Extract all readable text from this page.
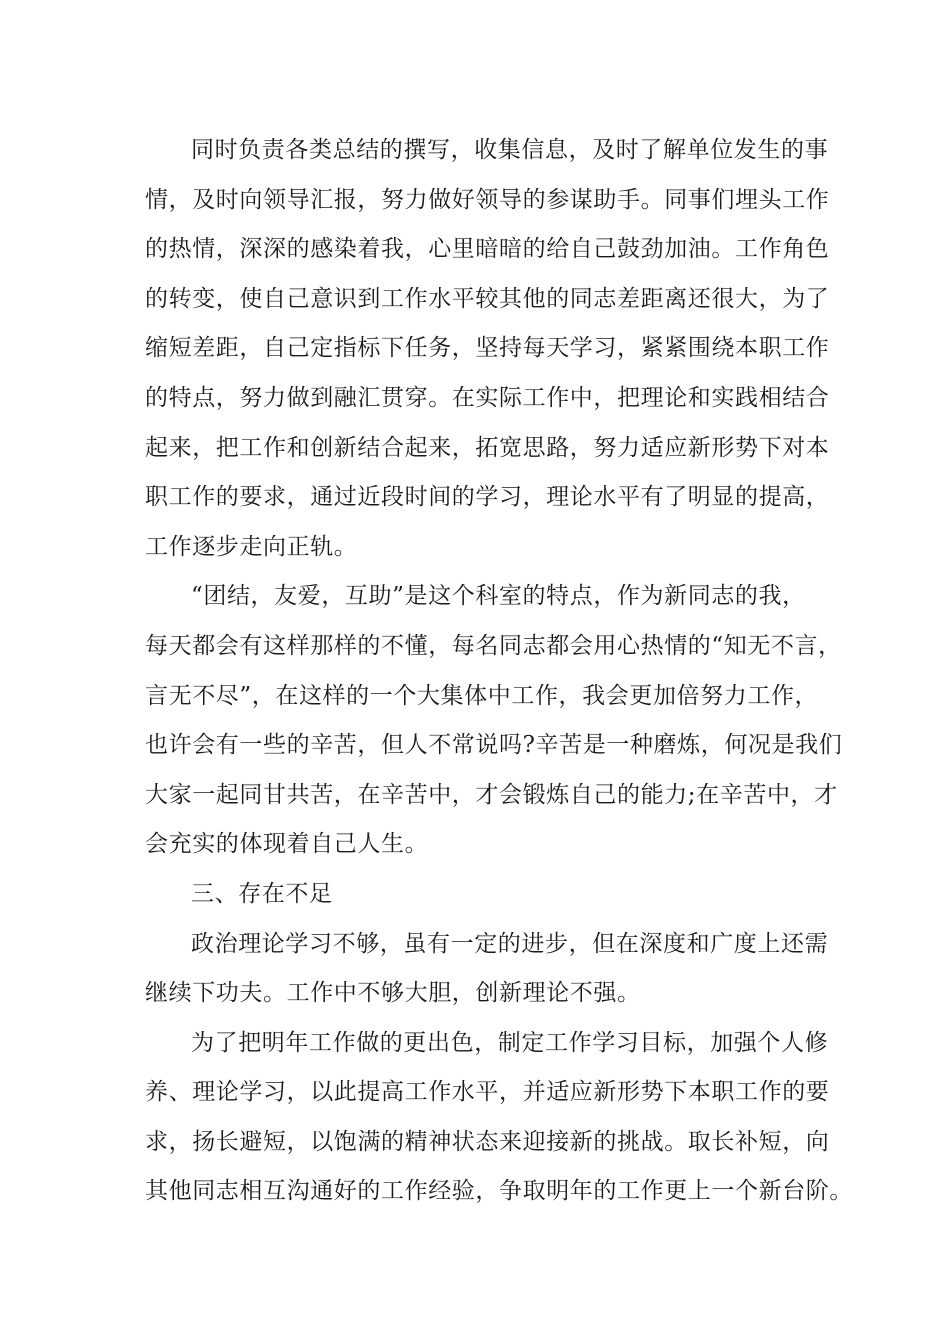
同时负责各类总结的撰写，收集信息，及时了解单位发生的事
情，及时向领导汇报，努力做好领导的参谋助手。同事们埋头工作
的热情，深深的感染着我，心里暗暗的给自己鼓劲加油。工作角色
的转变，使自己意识到工作水平较其他的同志差距离还很大，为了
缩短差距，自己定指标下任务，坚持每天学习，紧紧围绕本职工作
的特点，努力做到融汇贯穿。在实际工作中，把理论和实践相结合
起来，把工作和创新结合起来，拓宽思路，努力适应新形势下对本
职工作的要求，通过近段时间的学习，理论水平有了明显的提高，
工作逐步走向正轨。
“团结，友爱，互助”是这个科室的特点，作为新同志的我，
每天都会有这样那样的不懂，每名同志都会用心热情的“知无不言，
言无不尽”，在这样的一个大集体中工作，我会更加倍努力工作，
也许会有一些的辛苦，但人不常说吗?辛苦是一种磨炼，何况是我们
大家一起同甘共苦，在辛苦中，才会锻炼自己的能力;在辛苦中，才
会充实的体现着自己人生。
三、存在不足
政治理论学习不够，虽有一定的进步，但在深度和广度上还需
继续下功夫。工作中不够大胆，创新理论不强。
为了把明年工作做的更出色，制定工作学习目标，加强个人修
养、理论学习，以此提高工作水平，并适应新形势下本职工作的要
求，扬长避短，以饱满的精神状态来迎接新的挑战。取长补短，向
其他同志相互沟通好的工作经验，争取明年的工作更上一个新台阶。
